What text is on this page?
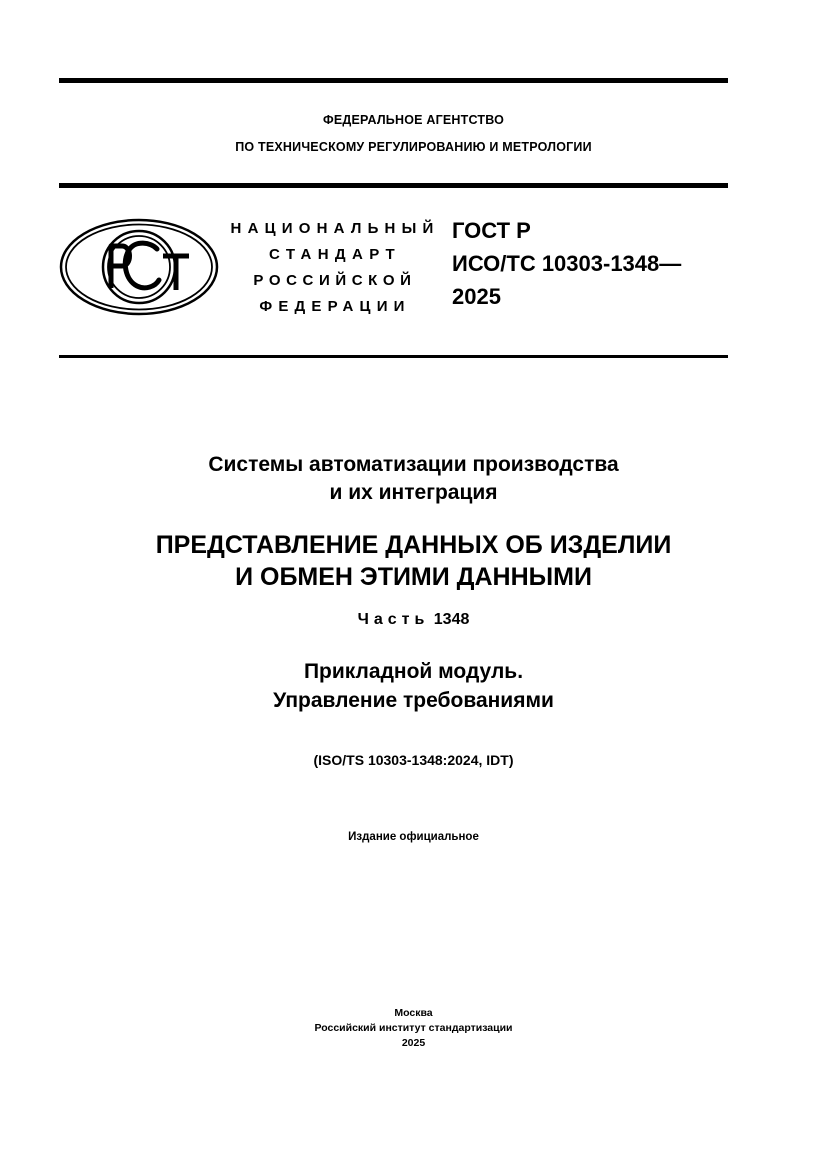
ФЕДЕРАЛЬНОЕ АГЕНТСТВО
ПО ТЕХНИЧЕСКОМУ РЕГУЛИРОВАНИЮ И МЕТРОЛОГИИ
НАЦИОНАЛЬНЫЙ
СТАНДАРТ
РОССИЙСКОЙ
ФЕДЕРАЦИИ
ГОСТ Р
ИСО/ТС 10303-1348—
2025
Системы автоматизации производства
и их интеграция
ПРЕДСТАВЛЕНИЕ ДАННЫХ ОБ ИЗДЕЛИИ
И ОБМЕН ЭТИМИ ДАННЫМИ
Часть 1348
Прикладной модуль.
Управление требованиями
(ISO/TS 10303-1348:2024, IDT)
Издание официальное
Москва
Российский институт стандартизации
2025
